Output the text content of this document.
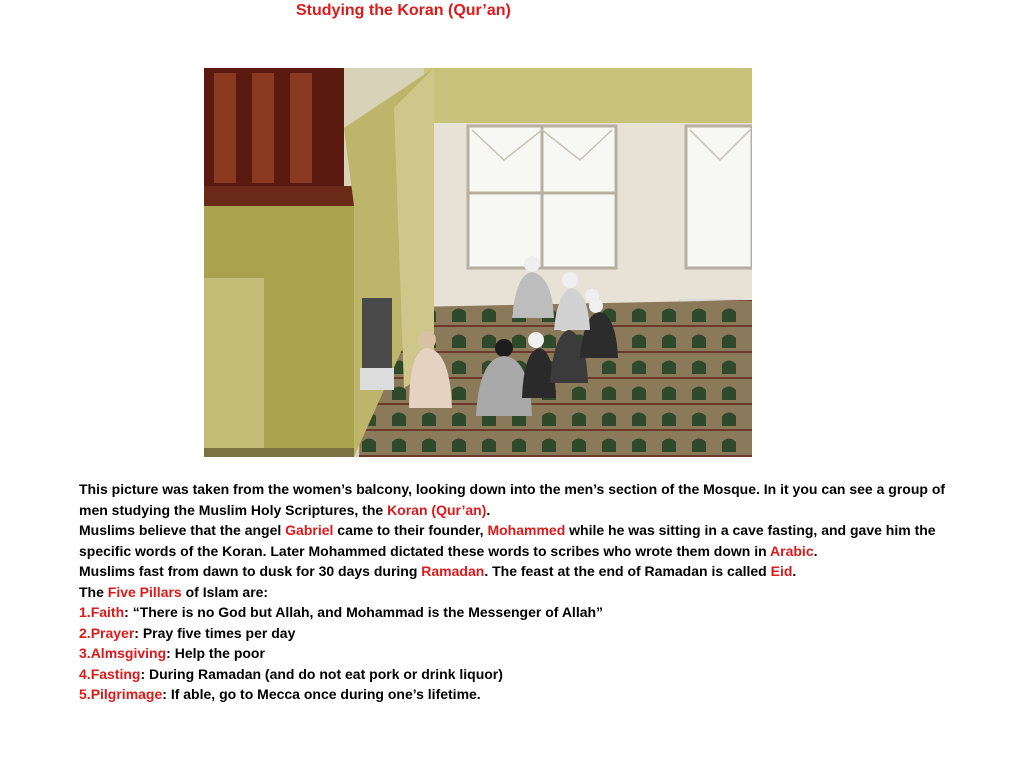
Studying the Koran (Qur’an)

This picture was taken from the women’s balcony, looking down into the men’s section of the Mosque. In it you can see a group of men studying the Muslim Holy Scriptures, the Koran (Qur’an).

Muslims believe that the angel Gabriel came to their founder, Mohammed while he was sitting in a cave fasting, and gave him the specific words of the Koran. Later Mohammed dictated these words to scribes who wrote them down in Arabic.

Muslims fast from dawn to dusk for 30 days during Ramadan. The feast at the end of Ramadan is called Eid.

The Five Pillars of Islam are:

1.Faith: “There is no God but Allah, and Mohammad is the Messenger of Allah”

2.Prayer: Pray five times per day

3.Almsgiving: Help the poor

4.Fasting: During Ramadan (and do not eat pork or drink liquor)

5.Pilgrimage: If able, go to Mecca once during one’s lifetime.
